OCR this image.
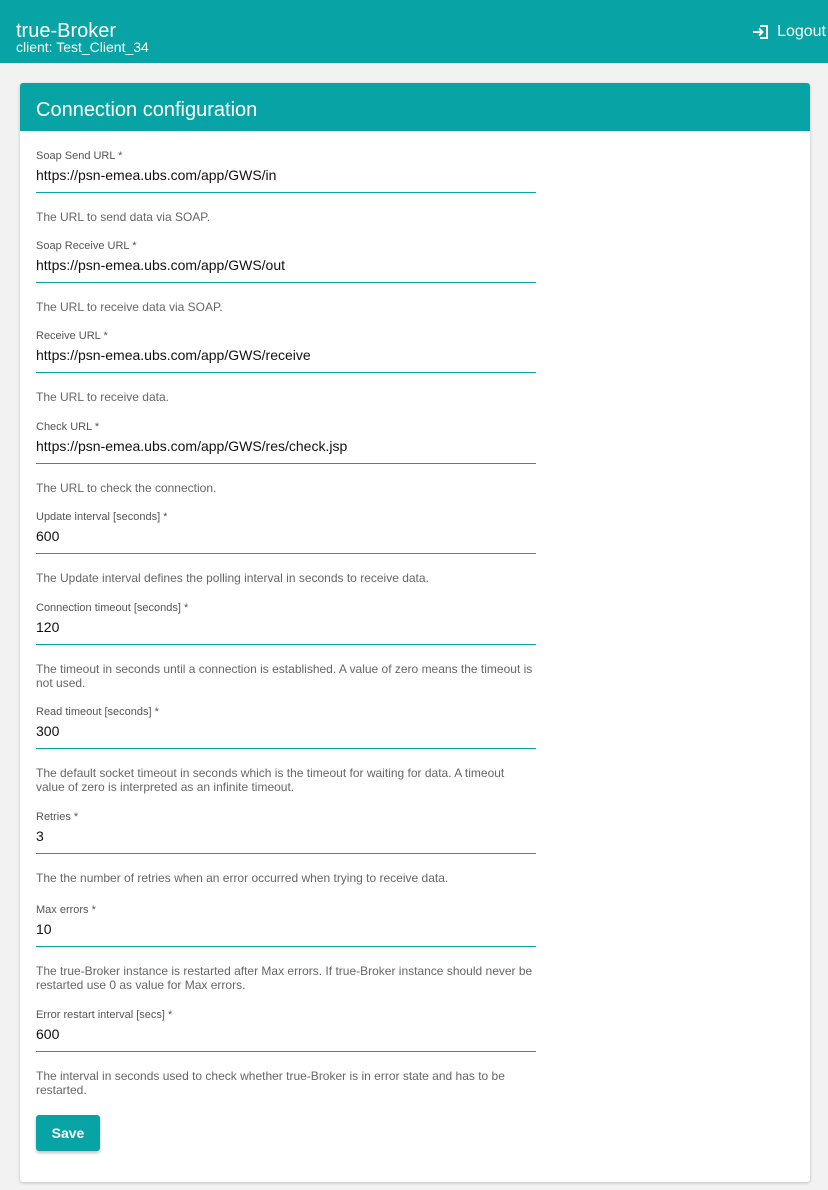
true-Broker
client: Test_Client_34
Logout
Connection configuration
Soap Send URL *
https://psn-emea.ubs.com/app/GWS/in
The URL to send data via SOAP.
Soap Receive URL *
https://psn-emea.ubs.com/app/GWS/out
The URL to receive data via SOAP.
Receive URL *
https://psn-emea.ubs.com/app/GWS/receive
The URL to receive data.
Check URL *
https://psn-emea.ubs.com/app/GWS/res/check.jsp
The URL to check the connection.
Update interval [seconds] *
600
The Update interval defines the polling interval in seconds to receive data.
Connection timeout [seconds] *
120
The timeout in seconds until a connection is established. A value of zero means the timeout is not used.
Read timeout [seconds] *
300
The default socket timeout in seconds which is the timeout for waiting for data. A timeout value of zero is interpreted as an infinite timeout.
Retries *
3
The the number of retries when an error occurred when trying to receive data.
Max errors *
10
The true-Broker instance is restarted after Max errors. If true-Broker instance should never be restarted use 0 as value for Max errors.
Error restart interval [secs] *
600
The interval in seconds used to check whether true-Broker is in error state and has to be restarted.
Save
